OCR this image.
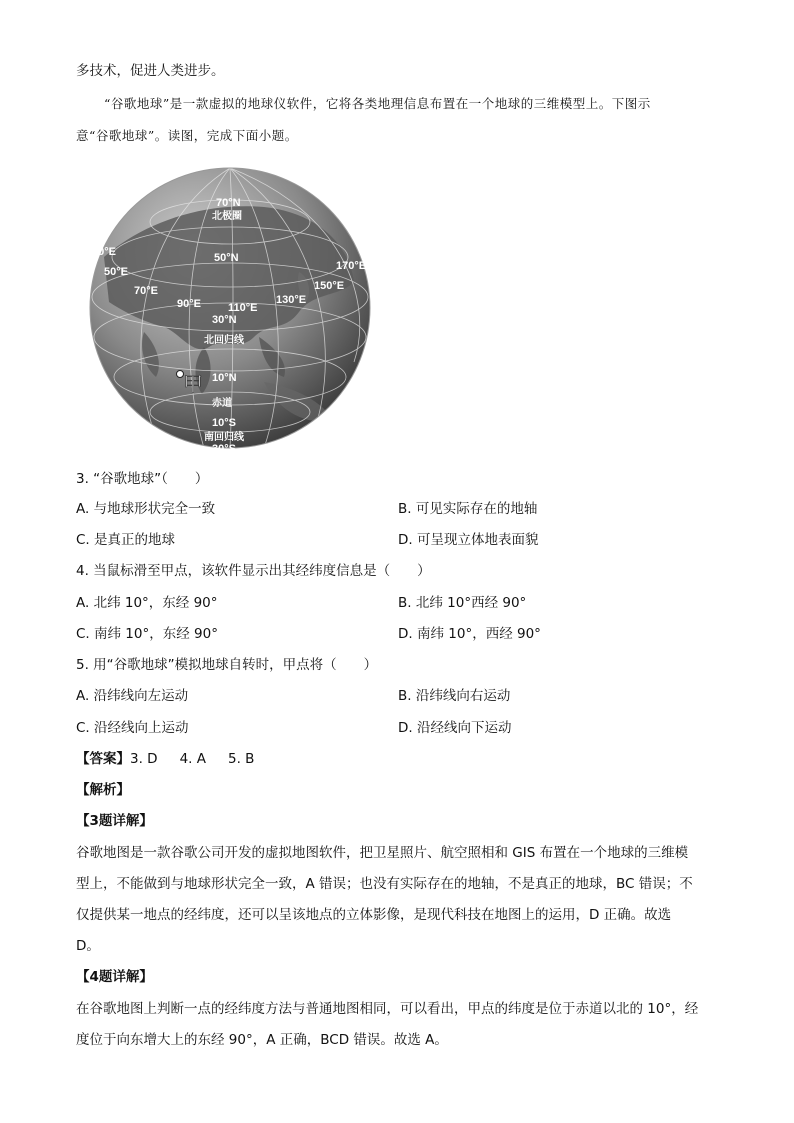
多技术，促进人类进步。
“谷歌地球”是一款虚拟的地球仪软件，它将各类地理信息布置在一个地球的三维模型上。下图示
意“谷歌地球”。读图，完成下面小题。
70°N
北极圈
30°E
50°E
50°N
170°E
70°E	150°E
130°E
90°E 110°E
30°N
北回归线
甲 10°N
赤道
10°S
南回归线
30°S
3. “谷歌地球”（　　）
A. 与地球形状完全一致	B. 可见实际存在的地轴
C. 是真正的地球	D. 可呈现立体地表面貌
4. 当鼠标滑至甲点，该软件显示出其经纬度信息是（　　）
A. 北纬 10°，东经 90°	B. 北纬 10°西经 90°
C. 南纬 10°，东经 90°	D. 南纬 10°，西经 90°
5. 用“谷歌地球”模拟地球自转时，甲点将（　　）
A. 沿纬线向左运动	B. 沿纬线向右运动
C. 沿经线向上运动	D. 沿经线向下运动
【答案】3. D 4. A 5. B
【解析】
【3题详解】
谷歌地图是一款谷歌公司开发的虚拟地图软件，把卫星照片、航空照相和 GIS 布置在一个地球的三维模
型上，不能做到与地球形状完全一致，A 错误；也没有实际存在的地轴，不是真正的地球，BC 错误；不
仅提供某一地点的经纬度，还可以呈该地点的立体影像，是现代科技在地图上的运用，D 正确。故选
D。
【4题详解】
在谷歌地图上判断一点的经纬度方法与普通地图相同，可以看出，甲点的纬度是位于赤道以北的 10°，经
度位于向东增大上的东经 90°，A 正确，BCD 错误。故选 A。
